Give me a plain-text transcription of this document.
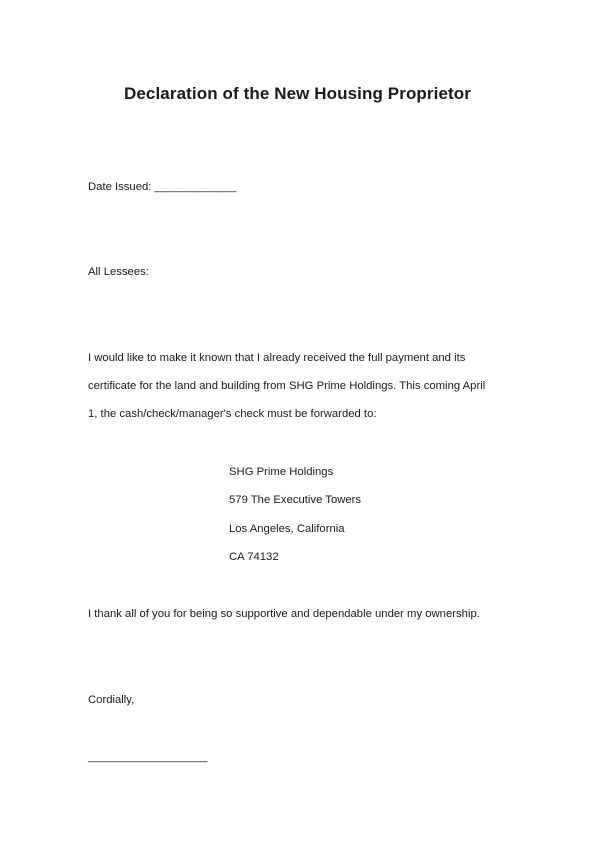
Declaration of the New Housing Proprietor
Date Issued: _____________
All Lessees:
I would like to make it known that I already received the full payment and its
certificate for the land and building from SHG Prime Holdings. This coming April
1, the cash/check/manager's check must be forwarded to:
SHG Prime Holdings
579 The Executive Towers
Los Angeles, California
CA 74132
I thank all of you for being so supportive and dependable under my ownership.
Cordially,
___________________
